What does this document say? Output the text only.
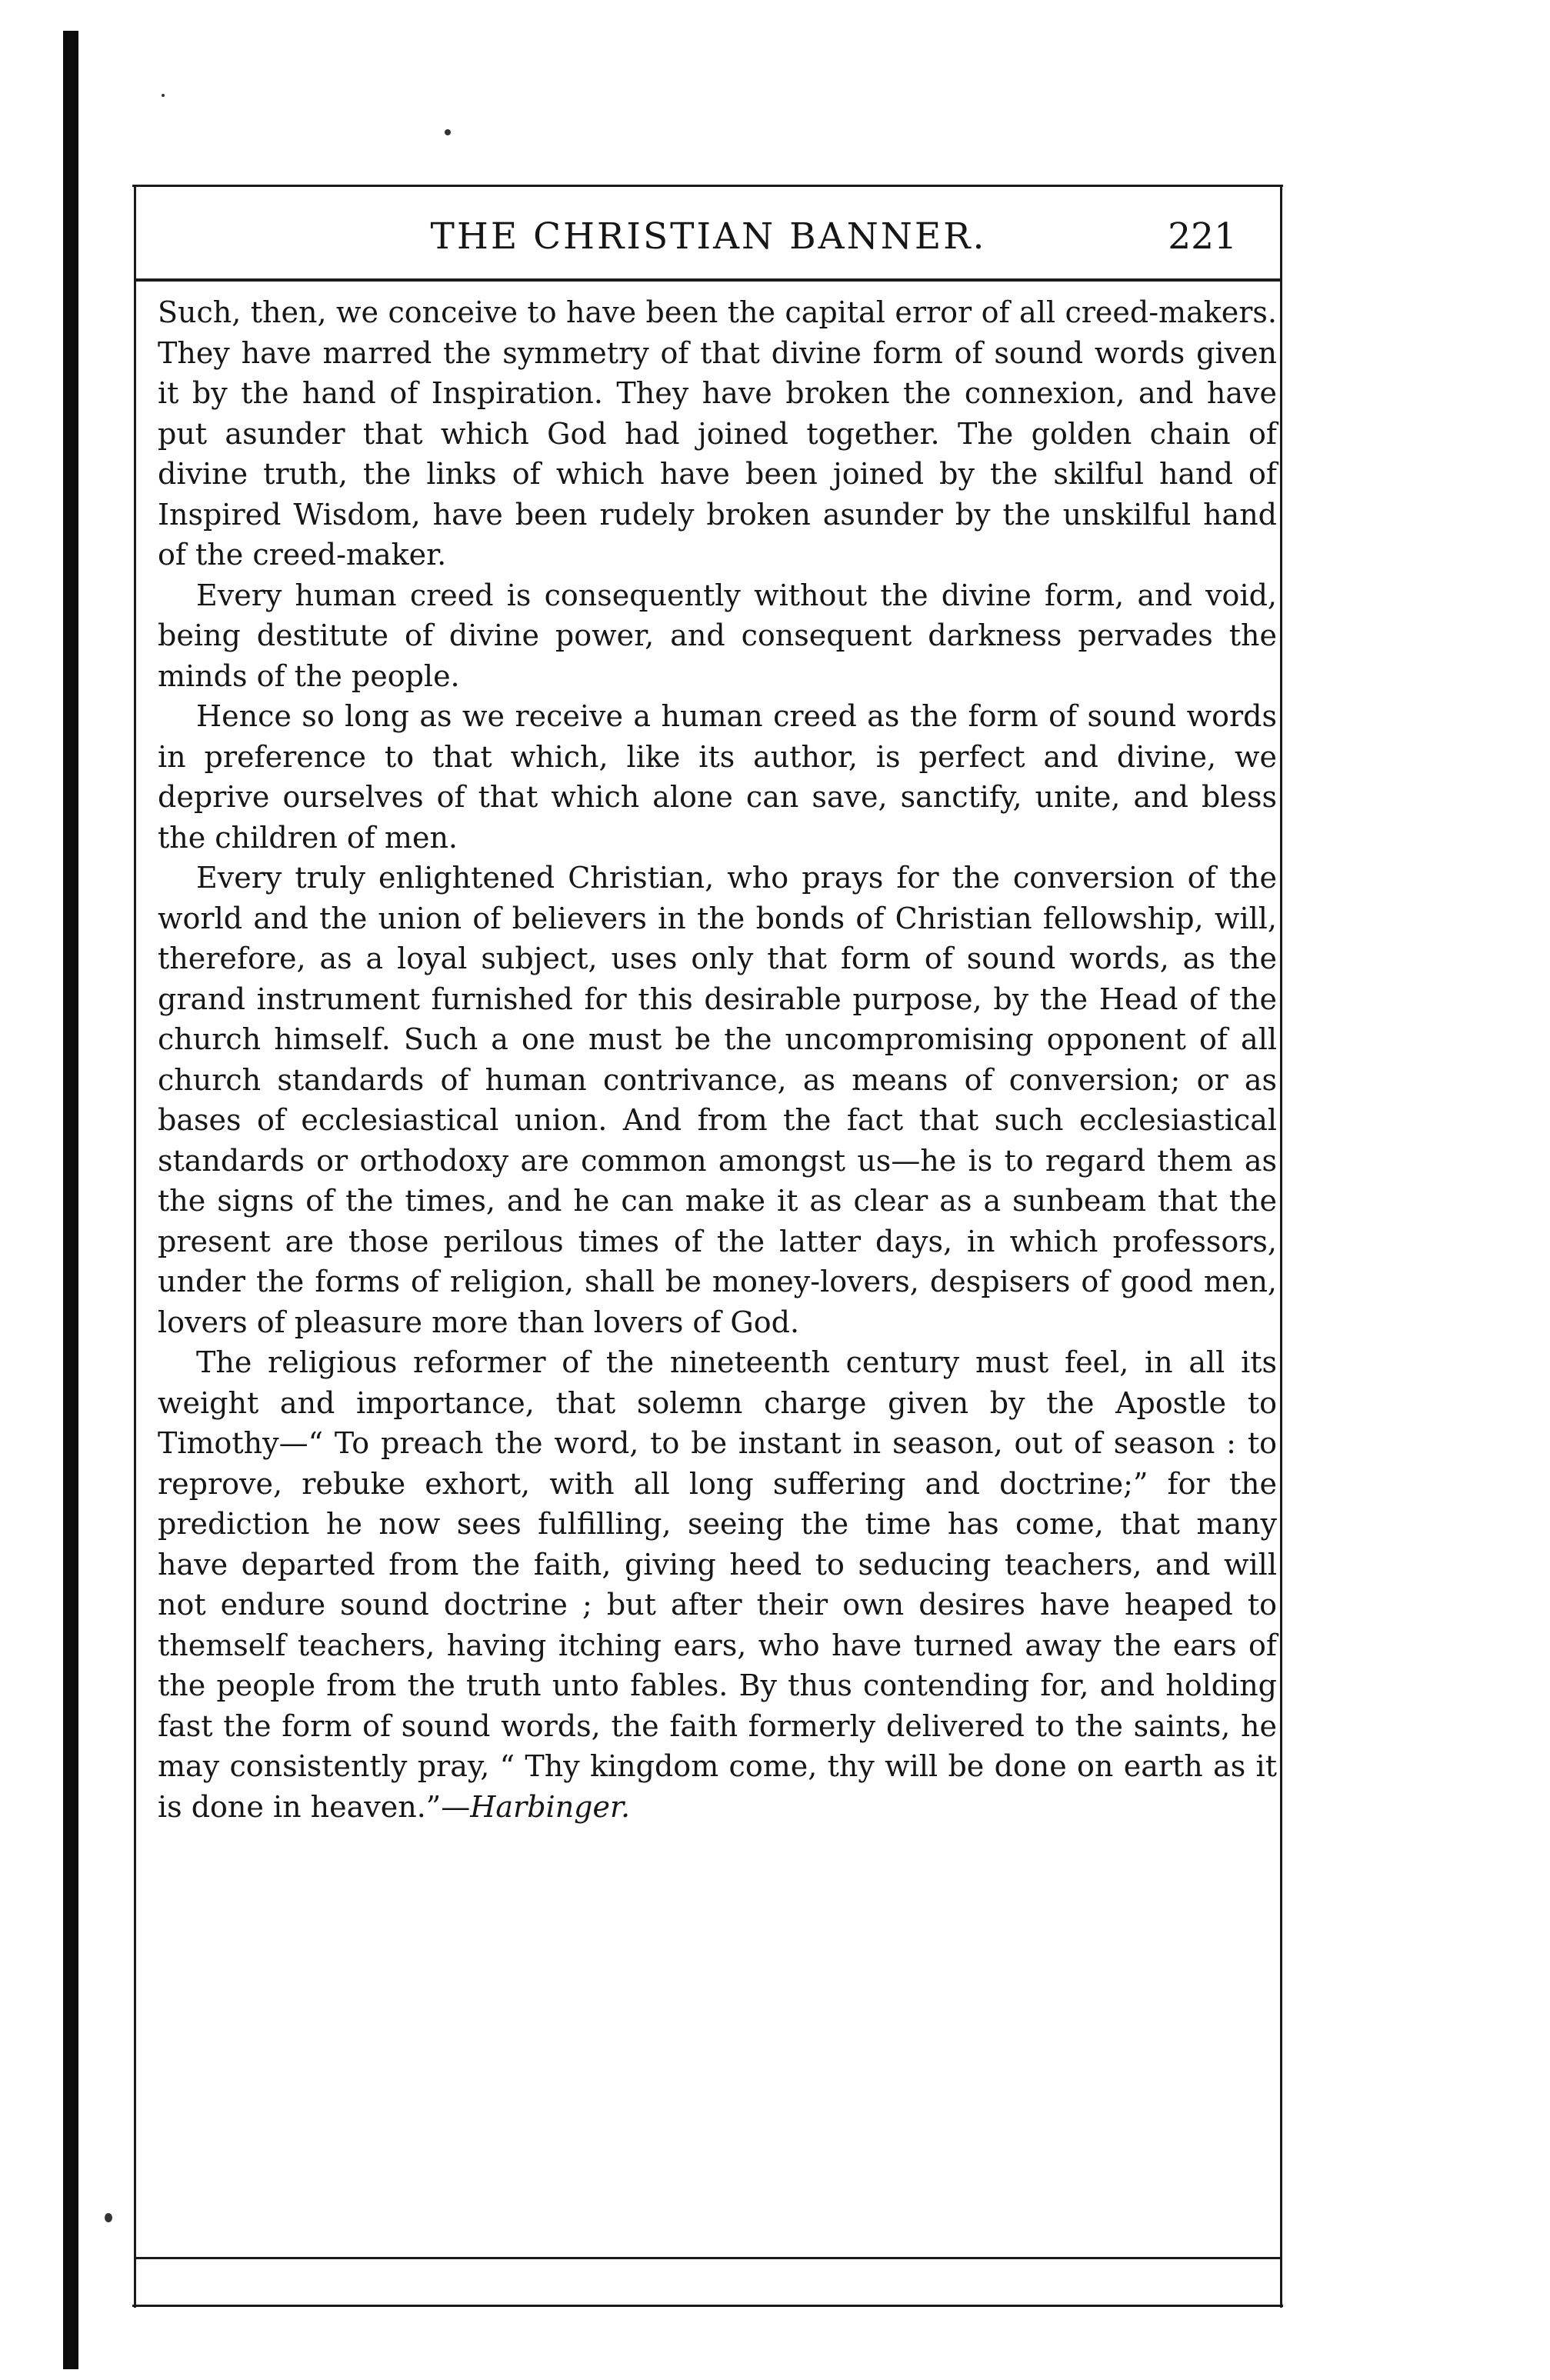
THE CHRISTIAN BANNER.	221

Such, then, we conceive to have been the capital error of all creed-makers. They have marred the symmetry of that divine form of sound words given it by the hand of Inspiration. They have broken the connexion, and have put asunder that which God had joined together. The golden chain of divine truth, the links of which have been joined by the skilful hand of Inspired Wisdom, have been rudely broken asunder by the unskilful hand of the creed-maker.

Every human creed is consequently without the divine form, and void, being destitute of divine power, and consequent darkness pervades the minds of the people.

Hence so long as we receive a human creed as the form of sound words in preference to that which, like its author, is perfect and divine, we deprive ourselves of that which alone can save, sanctify, unite, and bless the children of men.

Every truly enlightened Christian, who prays for the conversion of the world and the union of believers in the bonds of Christian fellowship, will, therefore, as a loyal subject, uses only that form of sound words, as the grand instrument furnished for this desirable purpose, by the Head of the church himself. Such a one must be the uncompromising opponent of all church standards of human contrivance, as means of conversion; or as bases of ecclesiastical union. And from the fact that such ecclesiastical standards or orthodoxy are common amongst us—he is to regard them as the signs of the times, and he can make it as clear as a sunbeam that the present are those perilous times of the latter days, in which professors, under the forms of religion, shall be money-lovers, despisers of good men, lovers of pleasure more than lovers of God.

The religious reformer of the nineteenth century must feel, in all its weight and importance, that solemn charge given by the Apostle to Timothy—“ To preach the word, to be instant in season, out of season : to reprove, rebuke exhort, with all long suffering and doctrine;” for the prediction he now sees fulfilling, seeing the time has come, that many have departed from the faith, giving heed to seducing teachers, and will not endure sound doctrine ; but after their own desires have heaped to themself teachers, having itching ears, who have turned away the ears of the people from the truth unto fables. By thus contending for, and holding fast the form of sound words, the faith formerly delivered to the saints, he may consistently pray, “ Thy kingdom come, thy will be done on earth as it is done in heaven.”—Harbinger.
